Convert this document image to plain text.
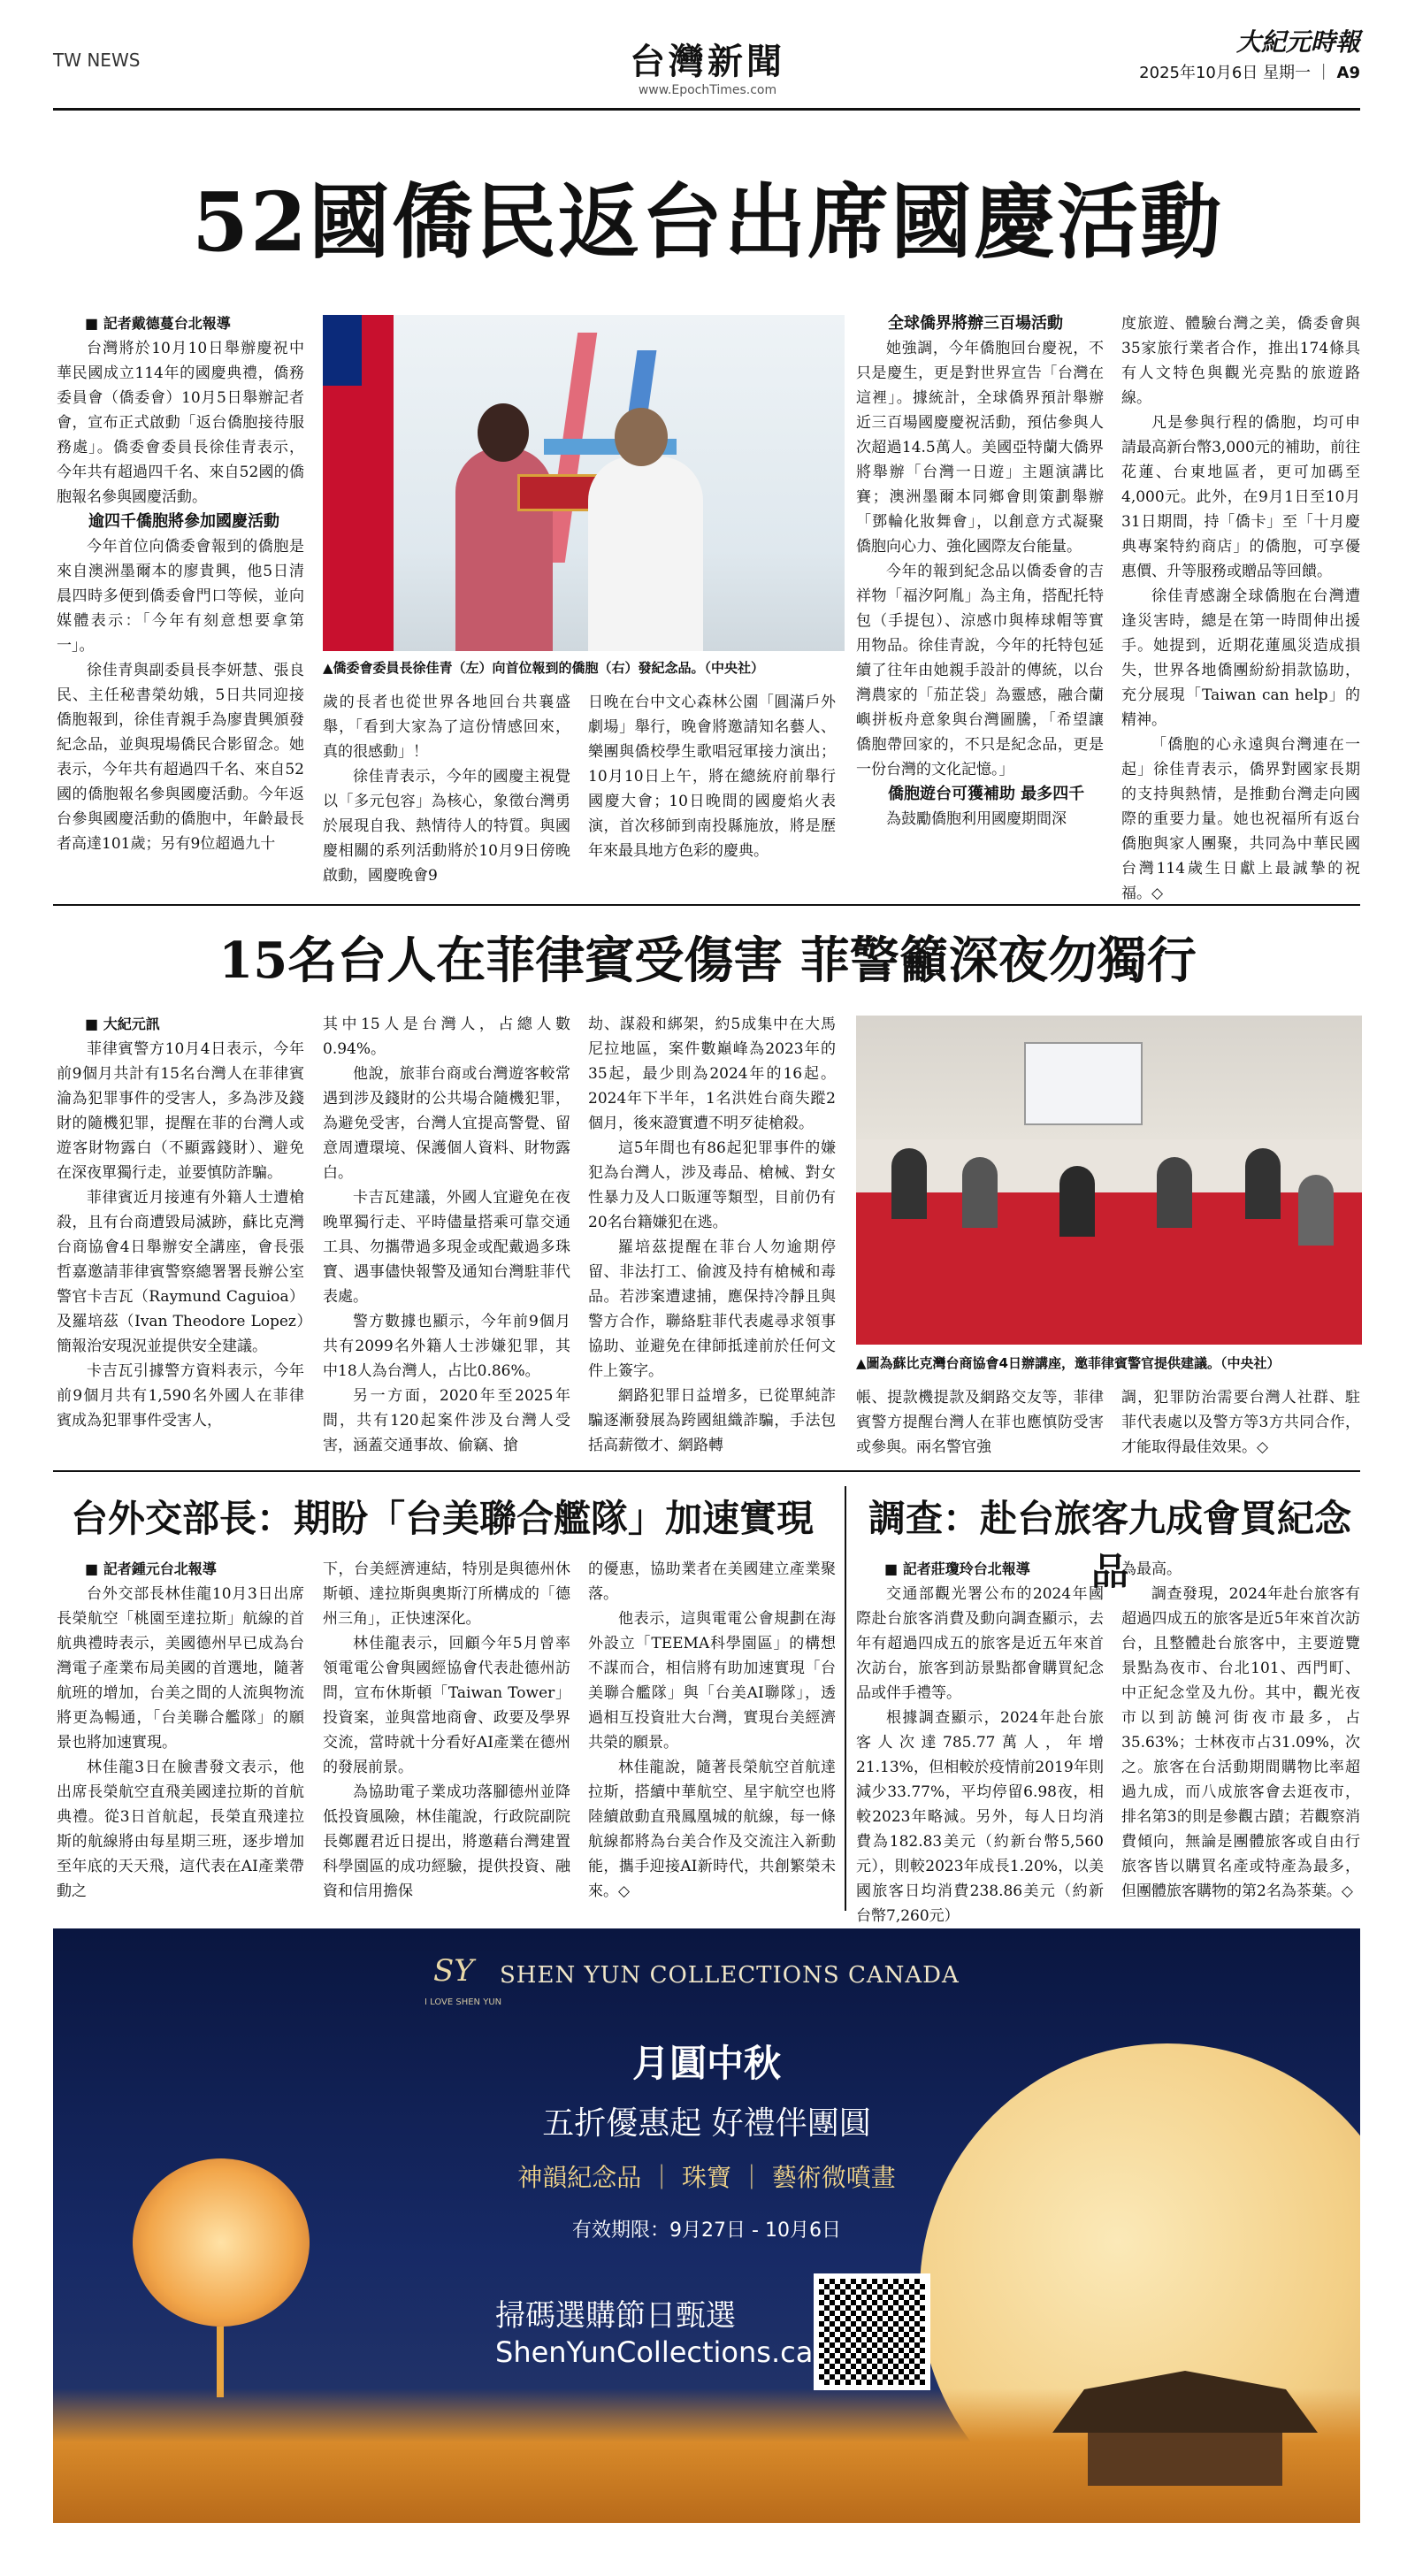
TW NEWS	台灣新聞
www.EpochTimes.com
大紀元時報
2025年10月6日 星期一 ｜ A9
52國僑民返台出席國慶活動

■ 記者戴德蔓台北報導

台灣將於10月10日舉辦慶祝中華民國成立114年的國慶典禮，僑務委員會（僑委會）10月5日舉辦記者會，宣布正式啟動「返台僑胞接待服務處」。僑委會委員長徐佳青表示，今年共有超過四千名、來自52國的僑胞報名參與國慶活動。

逾四千僑胞將參加國慶活動

今年首位向僑委會報到的僑胞是來自澳洲墨爾本的廖貴興，他5日清晨四時多便到僑委會門口等候，並向媒體表示：「今年有刻意想要拿第一」。

徐佳青與副委員長李妍慧、張良民、主任秘書榮幼娥，5日共同迎接僑胞報到，徐佳青親手為廖貴興頒發紀念品，並與現場僑民合影留念。她表示，今年共有超過四千名、來自52國的僑胞報名參與國慶活動。今年返台參與國慶活動的僑胞中，年齡最長者高達101歲；另有9位超過九十

▲僑委會委員長徐佳青（左）向首位報到的僑胞（右）發紀念品。（中央社）

歲的長者也從世界各地回台共襄盛舉，「看到大家為了這份情感回來，真的很感動」！

徐佳青表示，今年的國慶主視覺以「多元包容」為核心，象徵台灣勇於展現自我、熱情待人的特質。與國慶相關的系列活動將於10月9日傍晚啟動，國慶晚會9

日晚在台中文心森林公園「圓滿戶外劇場」舉行，晚會將邀請知名藝人、樂團與僑校學生歌唱冠軍接力演出；10月10日上午，將在總統府前舉行國慶大會；10日晚間的國慶焰火表演，首次移師到南投縣施放，將是歷年來最具地方色彩的慶典。

全球僑界將辦三百場活動

她強調，今年僑胞回台慶祝，不只是慶生，更是對世界宣告「台灣在這裡」。據統計，全球僑界預計舉辦近三百場國慶慶祝活動，預估參與人次超過14.5萬人。美國亞特蘭大僑界將舉辦「台灣一日遊」主題演講比賽；澳洲墨爾本同鄉會則策劃舉辦「鄧輪化妝舞會」，以創意方式凝聚僑胞向心力、強化國際友台能量。

今年的報到紀念品以僑委會的吉祥物「福汐阿胤」為主角，搭配托特包（手提包）、涼感巾與棒球帽等實用物品。徐佳青說，今年的托特包延續了往年由她親手設計的傳統，以台灣農家的「茄芷袋」為靈感，融合蘭嶼拼板舟意象與台灣圖騰，「希望讓僑胞帶回家的，不只是紀念品，更是一份台灣的文化記憶。」

僑胞遊台可獲補助 最多四千

為鼓勵僑胞利用國慶期間深

度旅遊、體驗台灣之美，僑委會與35家旅行業者合作，推出174條具有人文特色與觀光亮點的旅遊路線。

凡是參與行程的僑胞，均可申請最高新台幣3,000元的補助，前往花蓮、台東地區者，更可加碼至4,000元。此外，在9月1日至10月31日期間，持「僑卡」至「十月慶典專案特約商店」的僑胞，可享優惠價、升等服務或贈品等回饋。

徐佳青感謝全球僑胞在台灣遭逢災害時，總是在第一時間伸出援手。她提到，近期花蓮風災造成損失，世界各地僑團紛紛捐款協助，充分展現「Taiwan can help」的精神。

「僑胞的心永遠與台灣連在一起」徐佳青表示，僑界對國家長期的支持與熱情，是推動台灣走向國際的重要力量。她也祝福所有返台僑胞與家人團聚，共同為中華民國台灣114歲生日獻上最誠摯的祝福。◇

15名台人在菲律賓受傷害 菲警籲深夜勿獨行

■ 大紀元訊

菲律賓警方10月4日表示，今年前9個月共計有15名台灣人在菲律賓淪為犯罪事件的受害人，多為涉及錢財的隨機犯罪，提醒在菲的台灣人或遊客財物露白（不顯露錢財）、避免在深夜單獨行走，並要慎防詐騙。

菲律賓近月接連有外籍人士遭槍殺，且有台商遭毀局滅跡，蘇比克灣台商協會4日舉辦安全講座，會長張哲嘉邀請菲律賓警察總署署長辦公室警官卡吉瓦（Raymund Caguioa）及羅培茲（Ivan Theodore Lopez）簡報治安現況並提供安全建議。

卡吉瓦引據警方資料表示，今年前9個月共有1,590名外國人在菲律賓成為犯罪事件受害人，

其中15人是台灣人，占總人數0.94%。

他說，旅菲台商或台灣遊客較常遇到涉及錢財的公共場合隨機犯罪，為避免受害，台灣人宜提高警覺、留意周遭環境、保護個人資料、財物露白。

卡吉瓦建議，外國人宜避免在夜晚單獨行走、平時儘量搭乘可靠交通工具、勿攜帶過多現金或配戴過多珠寶、遇事儘快報警及通知台灣駐菲代表處。

警方數據也顯示，今年前9個月共有2099名外籍人士涉嫌犯罪，其中18人為台灣人，占比0.86%。

另一方面，2020年至2025年間，共有120起案件涉及台灣人受害，涵蓋交通事故、偷竊、搶

劫、謀殺和綁架，約5成集中在大馬尼拉地區，案件數巔峰為2023年的35起，最少則為2024年的16起。2024年下半年，1名洪姓台商失蹤2個月，後來證實遭不明歹徒槍殺。

這5年間也有86起犯罪事件的嫌犯為台灣人，涉及毒品、槍械、對女性暴力及人口販運等類型，目前仍有20名台籍嫌犯在逃。

羅培茲提醒在菲台人勿逾期停留、非法打工、偷渡及持有槍械和毒品。若涉案遭逮捕，應保持冷靜且與警方合作，聯絡駐菲代表處尋求領事協助、並避免在律師抵達前於任何文件上簽字。

網路犯罪日益增多，已從單純詐騙逐漸發展為跨國組織詐騙，手法包括高薪徵才、網路轉

▲圖為蘇比克灣台商協會4日辦講座，邀菲律賓警官提供建議。（中央社）

帳、提款機提款及網路交友等，菲律賓警方提醒台灣人在菲也應慎防受害或參與。兩名警官強

調，犯罪防治需要台灣人社群、駐菲代表處以及警方等3方共同合作，才能取得最佳效果。◇

台外交部長：期盼「台美聯合艦隊」加速實現

■ 記者鍾元台北報導

台外交部長林佳龍10月3日出席長榮航空「桃園至達拉斯」航線的首航典禮時表示，美國德州早已成為台灣電子產業布局美國的首選地，隨著航班的增加，台美之間的人流與物流將更為暢通，「台美聯合艦隊」的願景也將加速實現。

林佳龍3日在臉書發文表示，他出席長榮航空直飛美國達拉斯的首航典禮。從3日首航起，長榮直飛達拉斯的航線將由每星期三班，逐步增加至年底的天天飛，這代表在AI產業帶動之

下，台美經濟連結，特別是與德州休斯頓、達拉斯與奧斯汀所構成的「德州三角」，正快速深化。

林佳龍表示，回顧今年5月曾率領電電公會與國經協會代表赴德州訪問，宣布休斯頓「Taiwan Tower」投資案，並與當地商會、政要及學界交流，當時就十分看好AI產業在德州的發展前景。

為協助電子業成功落腳德州並降低投資風險，林佳龍說，行政院副院長鄭麗君近日提出，將邀藉台灣建置科學園區的成功經驗，提供投資、融資和信用擔保

的優惠，協助業者在美國建立產業聚落。

他表示，這與電電公會規劃在海外設立「TEEMA科學園區」的構想不謀而合，相信將有助加速實現「台美聯合艦隊」與「台美AI聯隊」，透過相互投資壯大台灣，實現台美經濟共榮的願景。

林佳龍說，隨著長榮航空首航達拉斯，搭續中華航空、星宇航空也將陸續啟動直飛鳳凰城的航線，每一條航線都將為台美合作及交流注入新動能，攜手迎接AI新時代，共創繁榮未來。◇

調查：赴台旅客九成會買紀念品

■ 記者莊瓊玲台北報導

交通部觀光署公布的2024年國際赴台旅客消費及動向調查顯示，去年有超過四成五的旅客是近五年來首次訪台，旅客到訪景點都會購買紀念品或伴手禮等。

根據調查顯示，2024年赴台旅客人次達785.77萬人，年增21.13%，但相較於疫情前2019年則減少33.77%，平均停留6.98夜，相較2023年略減。另外，每人日均消費為182.83美元（約新台幣5,560元），則較2023年成長1.20%，以美國旅客日均消費238.86美元（約新台幣7,260元）

為最高。

調查發現，2024年赴台旅客有超過四成五的旅客是近5年來首次訪台，且整體赴台旅客中，主要遊覽景點為夜市、台北101、西門町、中正紀念堂及九份。其中，觀光夜市以到訪饒河街夜市最多，占35.63%；士林夜市占31.09%，次之。旅客在台活動期間購物比率超過九成，而八成旅客會去逛夜市，排名第3的則是參觀古蹟；若觀察消費傾向，無論是團體旅客或自由行旅客皆以購買名產或特產為最多，但團體旅客購物的第2名為茶葉。◇

SY SHEN YUN COLLECTIONS CANADA
I LOVE SHEN YUN
月圓中秋
五折優惠起 好禮伴團圓
神韻紀念品 ｜ 珠寶 ｜ 藝術微噴畫
有效期限：9月27日 - 10月6日
掃碼選購節日甄選
ShenYunCollections.ca
